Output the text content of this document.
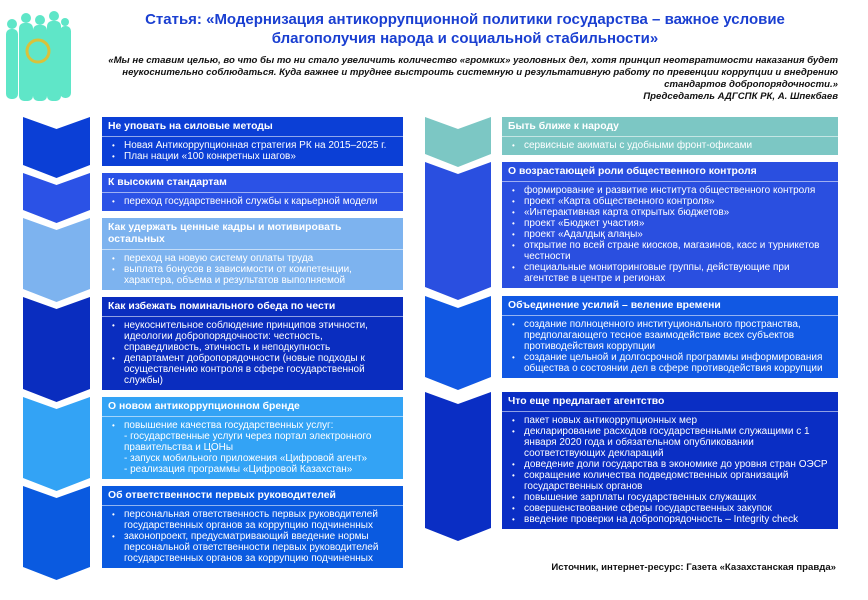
Статья: «Модернизация антикоррупционной политики государства – важное условие
благополучия народа и социальной стабильности»
«Мы не ставим целью, во что бы то ни стало увеличить количество «громких» уголовных дел, хотя принцип неотвратимости наказания будет неукоснительно соблюдаться. Куда важнее и труднее выстроить системную и результативную работу по превенции коррупции и внедрению стандартов добропорядочности.»
Председатель АДГСПК РК, А. Шпекбаев
Не уповать на силовые методы
• Новая Антикоррупционная стратегия РК на 2015–2025 г.
• План нации «100 конкретных шагов»
К высоким стандартам
• переход государственной службы к карьерной модели
Как удержать ценные кадры и мотивировать остальных
• переход на новую систему оплаты труда
• выплата бонусов в зависимости от компетенции, характера, объема и результатов выполняемой
Как избежать поминального обеда по чести
• неукоснительное соблюдение принципов этичности, идеологии добропорядочности: честность, справедливость, этичность и неподкупность
• департамент добропорядочности (новые подходы к осуществлению контроля в сфере государственной службы)
О новом антикоррупционном бренде
• повышение качества государственных услуг:
- государственные услуги через портал электронного правительства и ЦОНы
- запуск мобильного приложения «Цифровой агент»
- реализация программы «Цифровой Казахстан»
Об ответственности первых руководителей
• персональная ответственность первых руководителей государственных органов за коррупцию подчиненных
• законопроект, предусматривающий введение нормы персональной ответственности первых руководителей государственных органов за коррупцию подчиненных
Быть ближе к народу
• сервисные акиматы с удобными фронт-офисами
О возрастающей роли общественного контроля
• формирование и развитие института общественного контроля
• проект «Карта общественного контроля»
• «Интерактивная карта открытых бюджетов»
• проект «Бюджет участия»
• проект «Адалдық алаңы»
• открытие по всей стране киосков, магазинов, касс и турникетов честности
• специальные мониторинговые группы, действующие при агентстве в центре и регионах
Объединение усилий – веление времени
• создание полноценного институционального пространства, предполагающего тесное взаимодействие всех субъектов противодействия коррупции
• создание цельной и долгосрочной программы информирования общества о состоянии дел в сфере противодействия коррупции
Что еще предлагает агентство
• пакет новых антикоррупционных мер
• декларирование расходов государственными служащими с 1 января 2020 года и обязательном опубликовании соответствующих деклараций
• доведение доли государства в экономике до уровня стран ОЭСР
• сокращение количества подведомственных организаций государственных органов
• повышение зарплаты государственных служащих
• совершенствование сферы государственных закупок
• введение проверки на добропорядочность – Integrity check
Источник, интернет-ресурс: Газета «Казахстанская правда»
